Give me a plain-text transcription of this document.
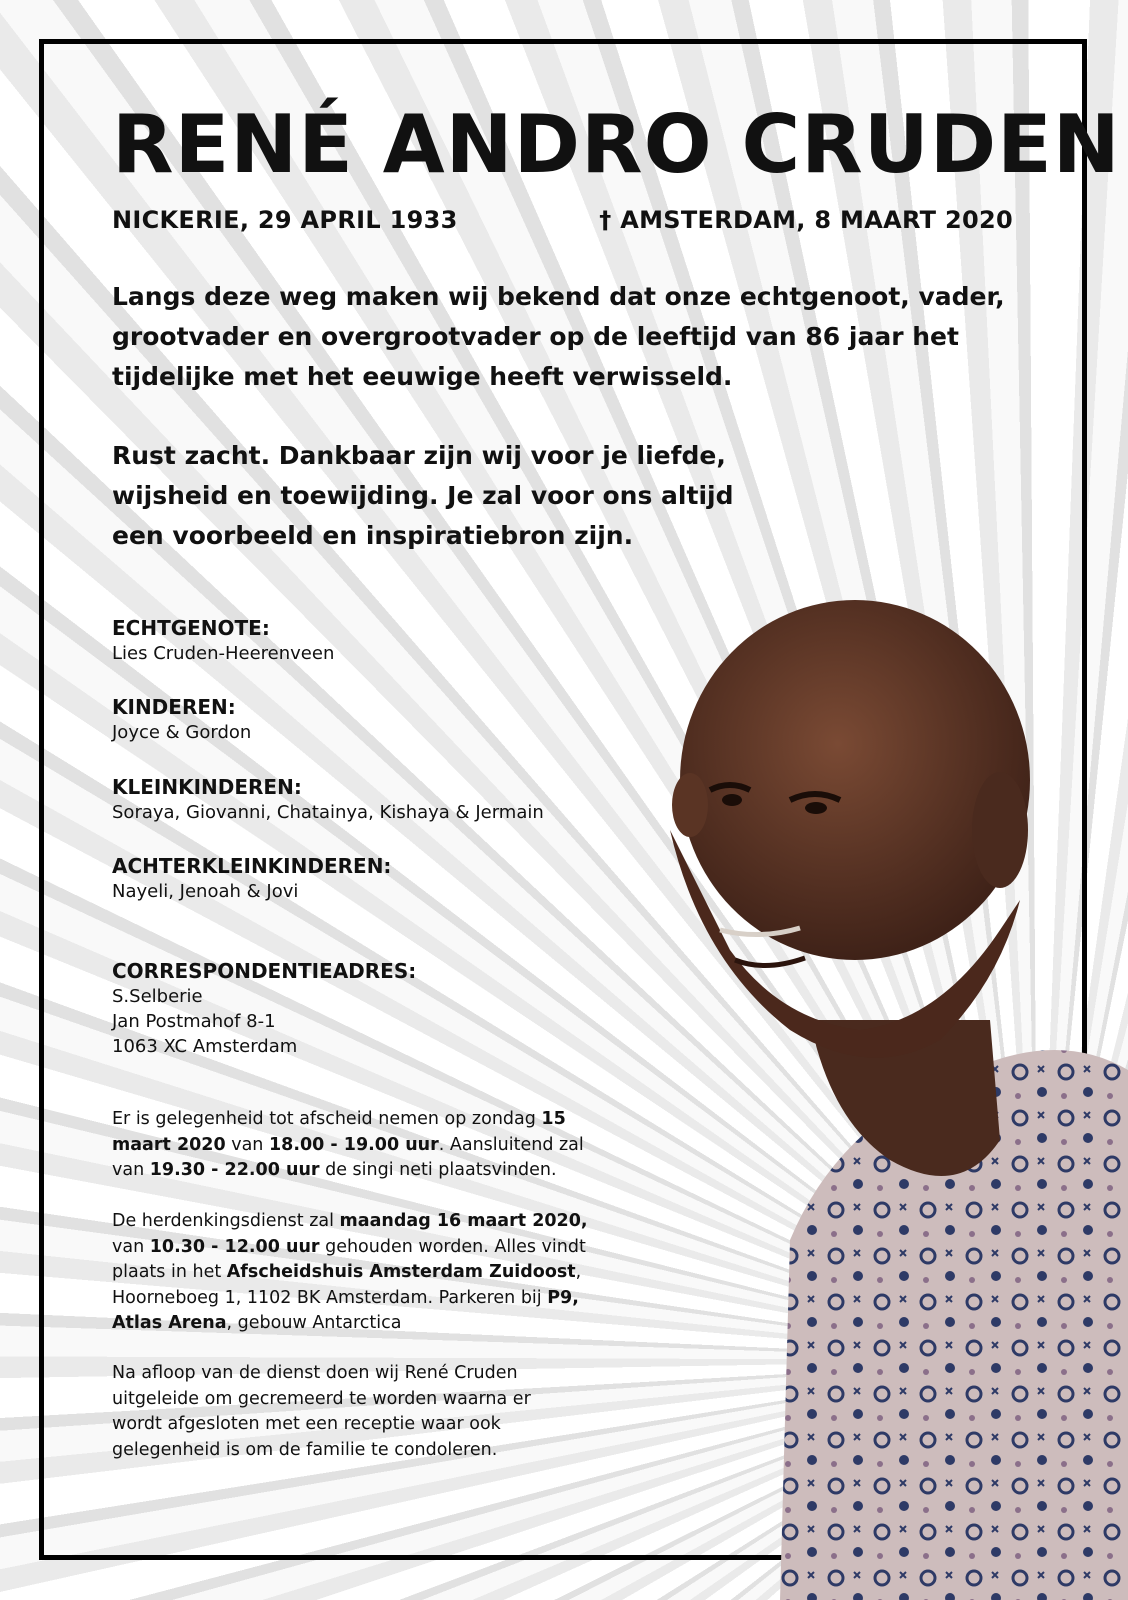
RENÉ ANDRO CRUDEN
NICKERIE, 29 APRIL 1933	† AMSTERDAM, 8 MAART 2020

Langs deze weg maken wij bekend dat onze echtgenoot, vader, grootvader en overgrootvader op de leeftijd van 86 jaar het tijdelijke met het eeuwige heeft verwisseld.

Rust zacht. Dankbaar zijn wij voor je liefde, wijsheid en toewijding. Je zal voor ons altijd een voorbeeld en inspiratiebron zijn.

ECHTGENOTE:
Lies Cruden-Heerenveen
KINDEREN:
Joyce & Gordon
KLEINKINDEREN:
Soraya, Giovanni, Chatainya, Kishaya & Jermain
ACHTERKLEINKINDEREN:
Nayeli, Jenoah & Jovi
CORRESPONDENTIEADRES:
S.Selberie
Jan Postmahof 8-1
1063 XC Amsterdam

Er is gelegenheid tot afscheid nemen op zondag 15 maart 2020 van 18.00 - 19.00 uur. Aansluitend zal van 19.30 - 22.00 uur de singi neti plaatsvinden.

De herdenkingsdienst zal maandag 16 maart 2020, van 10.30 - 12.00 uur gehouden worden. Alles vindt plaats in het Afscheidshuis Amsterdam Zuidoost, Hoorneboeg 1, 1102 BK Amsterdam. Parkeren bij P9, Atlas Arena, gebouw Antarctica

Na afloop van de dienst doen wij René Cruden uitgeleide om gecremeerd te worden waarna er wordt afgesloten met een receptie waar ook gelegenheid is om de familie te condoleren.
